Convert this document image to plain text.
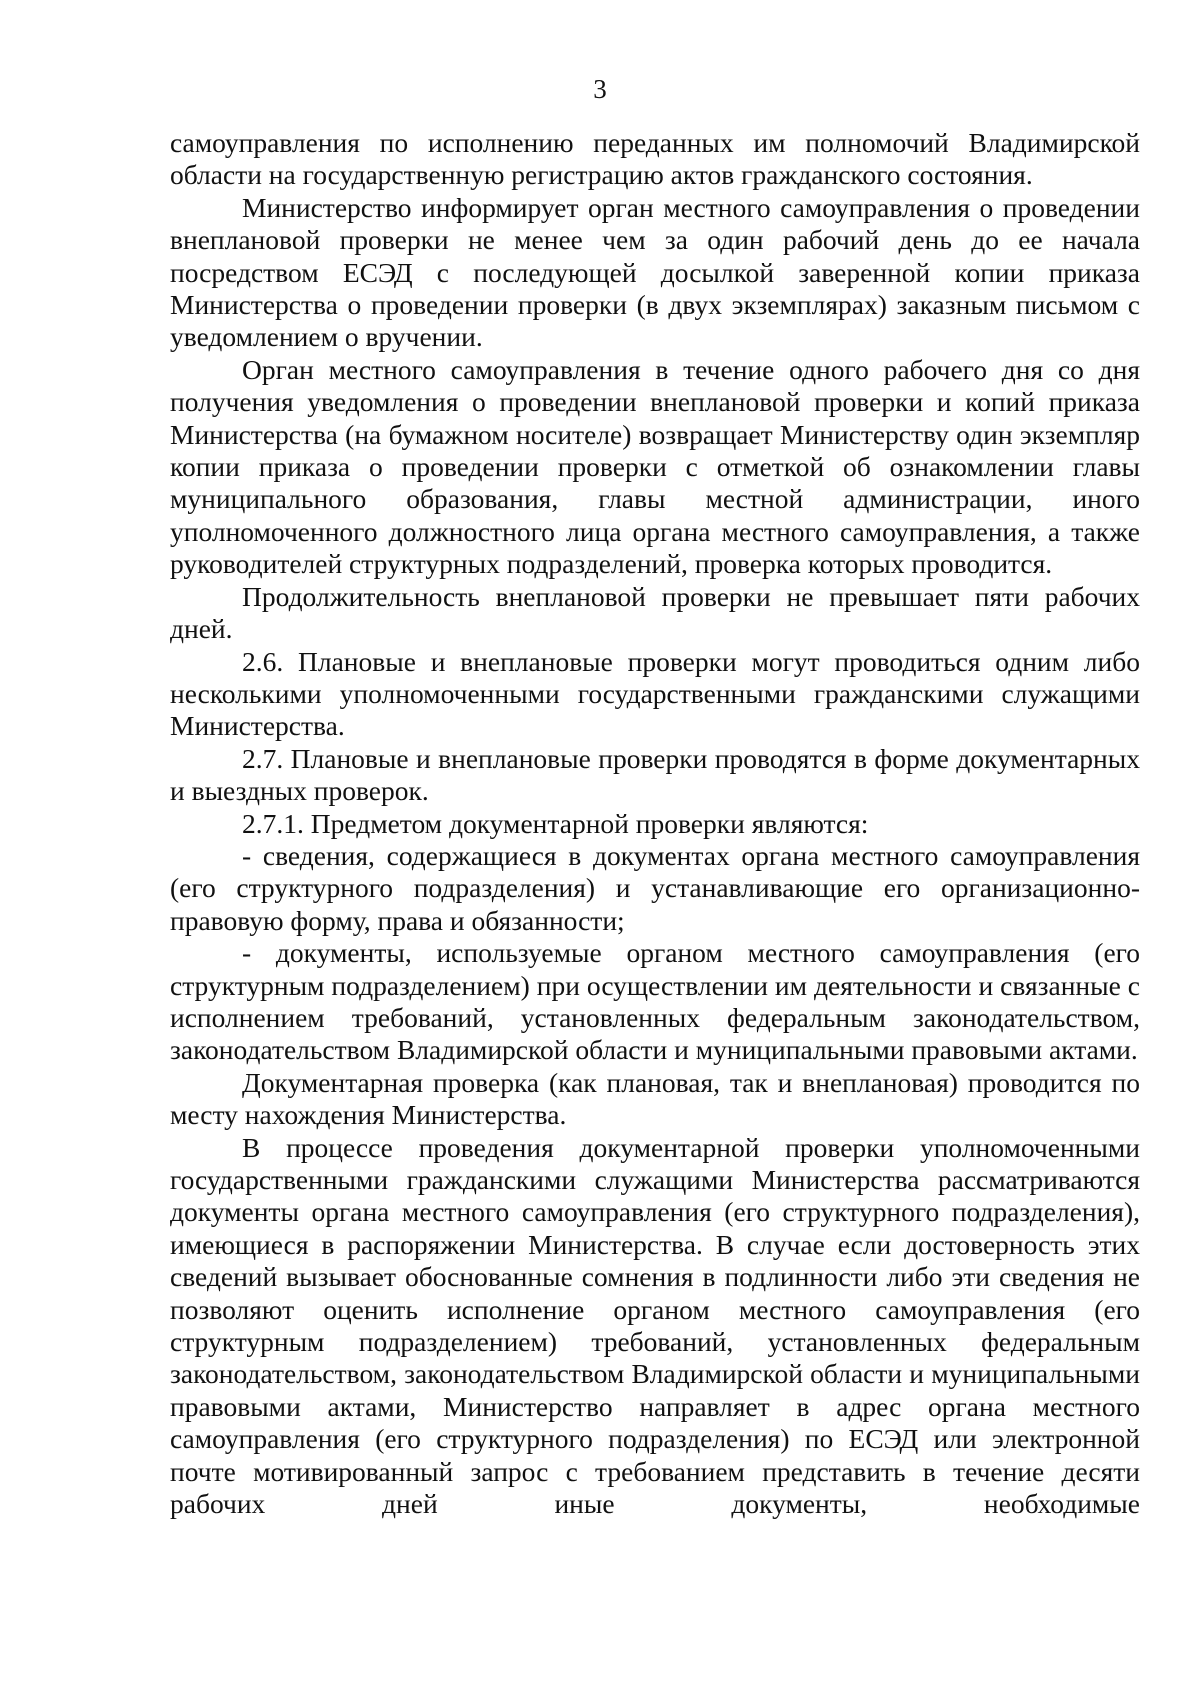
3

самоуправления по исполнению переданных им полномочий Владимирской области на государственную регистрацию актов гражданского состояния.

Министерство информирует орган местного самоуправления о проведении внеплановой проверки не менее чем за один рабочий день до ее начала посредством ЕСЭД с последующей досылкой заверенной копии приказа Министерства о проведении проверки (в двух экземплярах) заказным письмом с уведомлением о вручении.

Орган местного самоуправления в течение одного рабочего дня со дня получения уведомления о проведении внеплановой проверки и копий приказа Министерства (на бумажном носителе) возвращает Министерству один экземпляр копии приказа о проведении проверки с отметкой об ознакомлении главы муниципального образования, главы местной администрации, иного уполномоченного должностного лица органа местного самоуправления, а также руководителей структурных подразделений, проверка которых проводится.

Продолжительность внеплановой проверки не превышает пяти рабочих дней.

2.6. Плановые и внеплановые проверки могут проводиться одним либо несколькими уполномоченными государственными гражданскими служащими Министерства.

2.7. Плановые и внеплановые проверки проводятся в форме документарных и выездных проверок.

2.7.1. Предметом документарной проверки являются:

- сведения, содержащиеся в документах органа местного самоуправления (его структурного подразделения) и устанавливающие его организационно-правовую форму, права и обязанности;

- документы, используемые органом местного самоуправления (его структурным подразделением) при осуществлении им деятельности и связанные с исполнением требований, установленных федеральным законодательством, законодательством Владимирской области и муниципальными правовыми актами.

Документарная проверка (как плановая, так и внеплановая) проводится по месту нахождения Министерства.

В процессе проведения документарной проверки уполномоченными государственными гражданскими служащими Министерства рассматриваются документы органа местного самоуправления (его структурного подразделения), имеющиеся в распоряжении Министерства. В случае если достоверность этих сведений вызывает обоснованные сомнения в подлинности либо эти сведения не позволяют оценить исполнение органом местного самоуправления (его структурным подразделением) требований, установленных федеральным законодательством, законодательством Владимирской области и муниципальными правовыми актами, Министерство направляет в адрес органа местного самоуправления (его структурного подразделения) по ЕСЭД или электронной почте мотивированный запрос с требованием представить в течение десяти рабочих дней иные документы, необходимые
